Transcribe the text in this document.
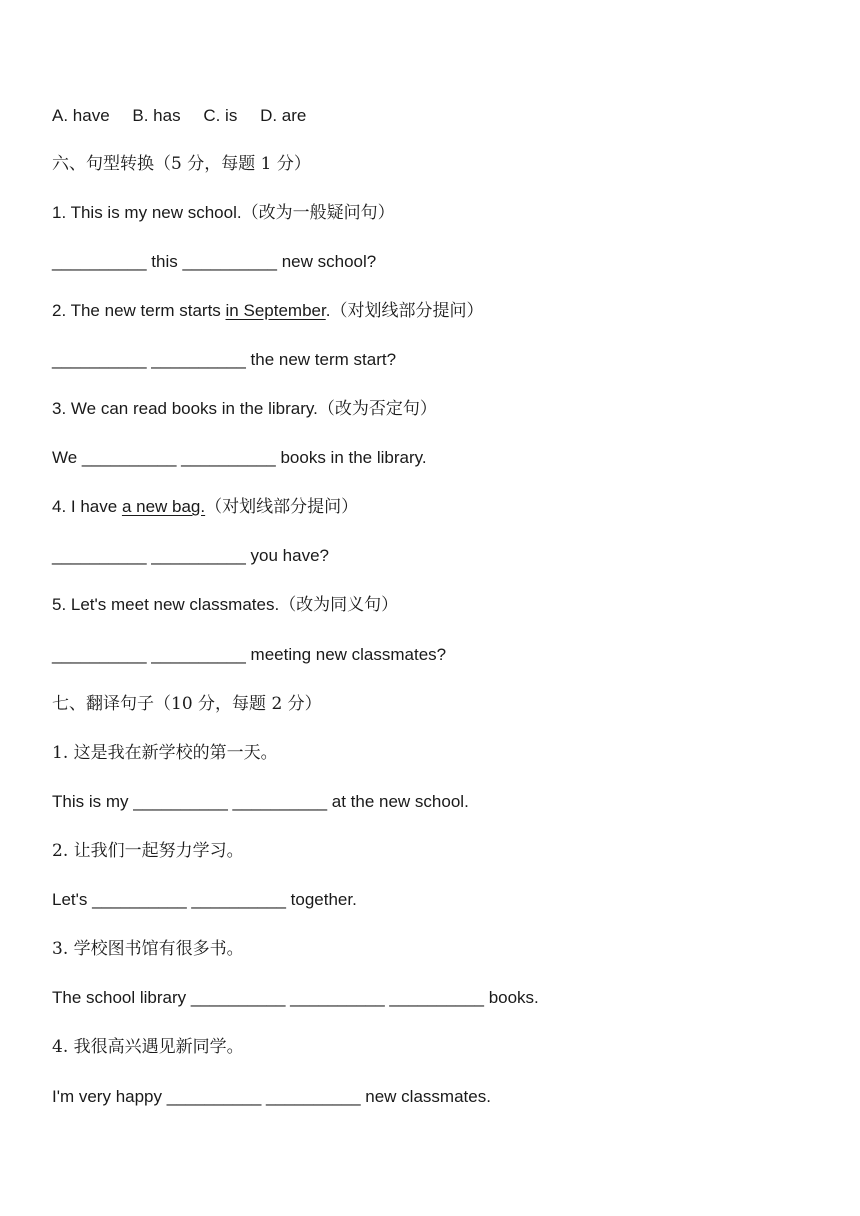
A. have B. has C. is D. are
六、句型转换（5 分，每题 1 分）
1. This is my new school.（改为一般疑问句）
__________ this __________ new school?
2. The new term starts in September.（对划线部分提问）
__________ __________ the new term start?
3. We can read books in the library.（改为否定句）
We __________ __________ books in the library.
4. I have a new bag.（对划线部分提问）
__________ __________ you have?
5. Let's meet new classmates.（改为同义句）
__________ __________ meeting new classmates?
七、翻译句子（10 分，每题 2 分）
1. 这是我在新学校的第一天。
This is my __________ __________ at the new school.
2. 让我们一起努力学习。
Let's __________ __________ together.
3. 学校图书馆有很多书。
The school library __________ __________ __________ books.
4. 我很高兴遇见新同学。
I'm very happy __________ __________ new classmates.
